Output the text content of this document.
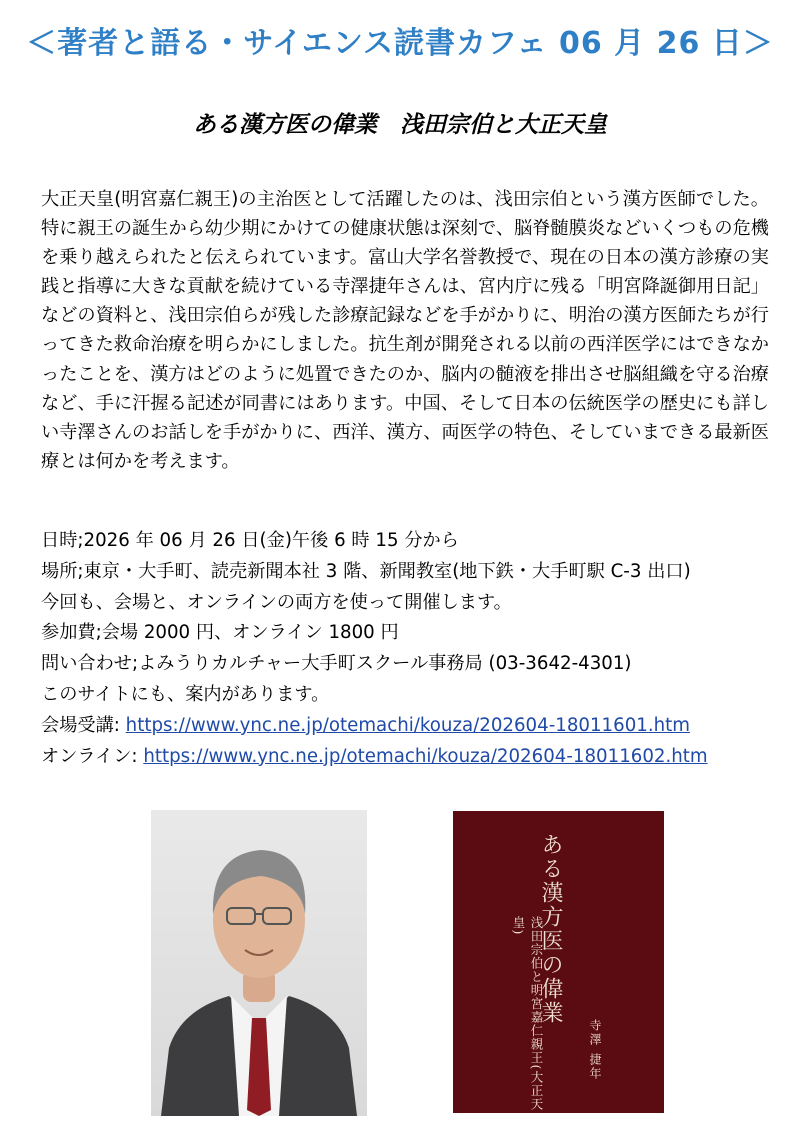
＜著者と語る・サイエンス読書カフェ 06 月 26 日＞
ある漢方医の偉業　浅田宗伯と大正天皇
大正天皇(明宮嘉仁親王)の主治医として活躍したのは、浅田宗伯という漢方医師でした。特に親王の誕生から幼少期にかけての健康状態は深刻で、脳脊髄膜炎などいくつもの危機を乗り越えられたと伝えられています。富山大学名誉教授で、現在の日本の漢方診療の実践と指導に大きな貢献を続けている寺澤捷年さんは、宮内庁に残る「明宮降誕御用日記」などの資料と、浅田宗伯らが残した診療記録などを手がかりに、明治の漢方医師たちが行ってきた救命治療を明らかにしました。抗生剤が開発される以前の西洋医学にはできなかったことを、漢方はどのように処置できたのか、脳内の髄液を排出させ脳組織を守る治療など、手に汗握る記述が同書にはあります。中国、そして日本の伝統医学の歴史にも詳しい寺澤さんのお話しを手がかりに、西洋、漢方、両医学の特色、そしていまできる最新医療とは何かを考えます。
日時;2026 年 06 月 26 日(金)午後 6 時 15 分から
場所;東京・大手町、読売新聞本社 3 階、新聞教室(地下鉄・大手町駅 C-3 出口)
今回も、会場と、オンラインの両方を使って開催します。
参加費;会場 2000 円、オンライン 1800 円
問い合わせ;よみうりカルチャー大手町スクール事務局 (03-3642-4301)
このサイトにも、案内があります。
会場受講: https://www.ync.ne.jp/otemachi/kouza/202604-18011601.htm
オンライン: https://www.ync.ne.jp/otemachi/kouza/202604-18011602.htm
ある漢方医の偉業
浅田宗伯と明宮嘉仁親王(大正天皇)
寺澤 捷年
